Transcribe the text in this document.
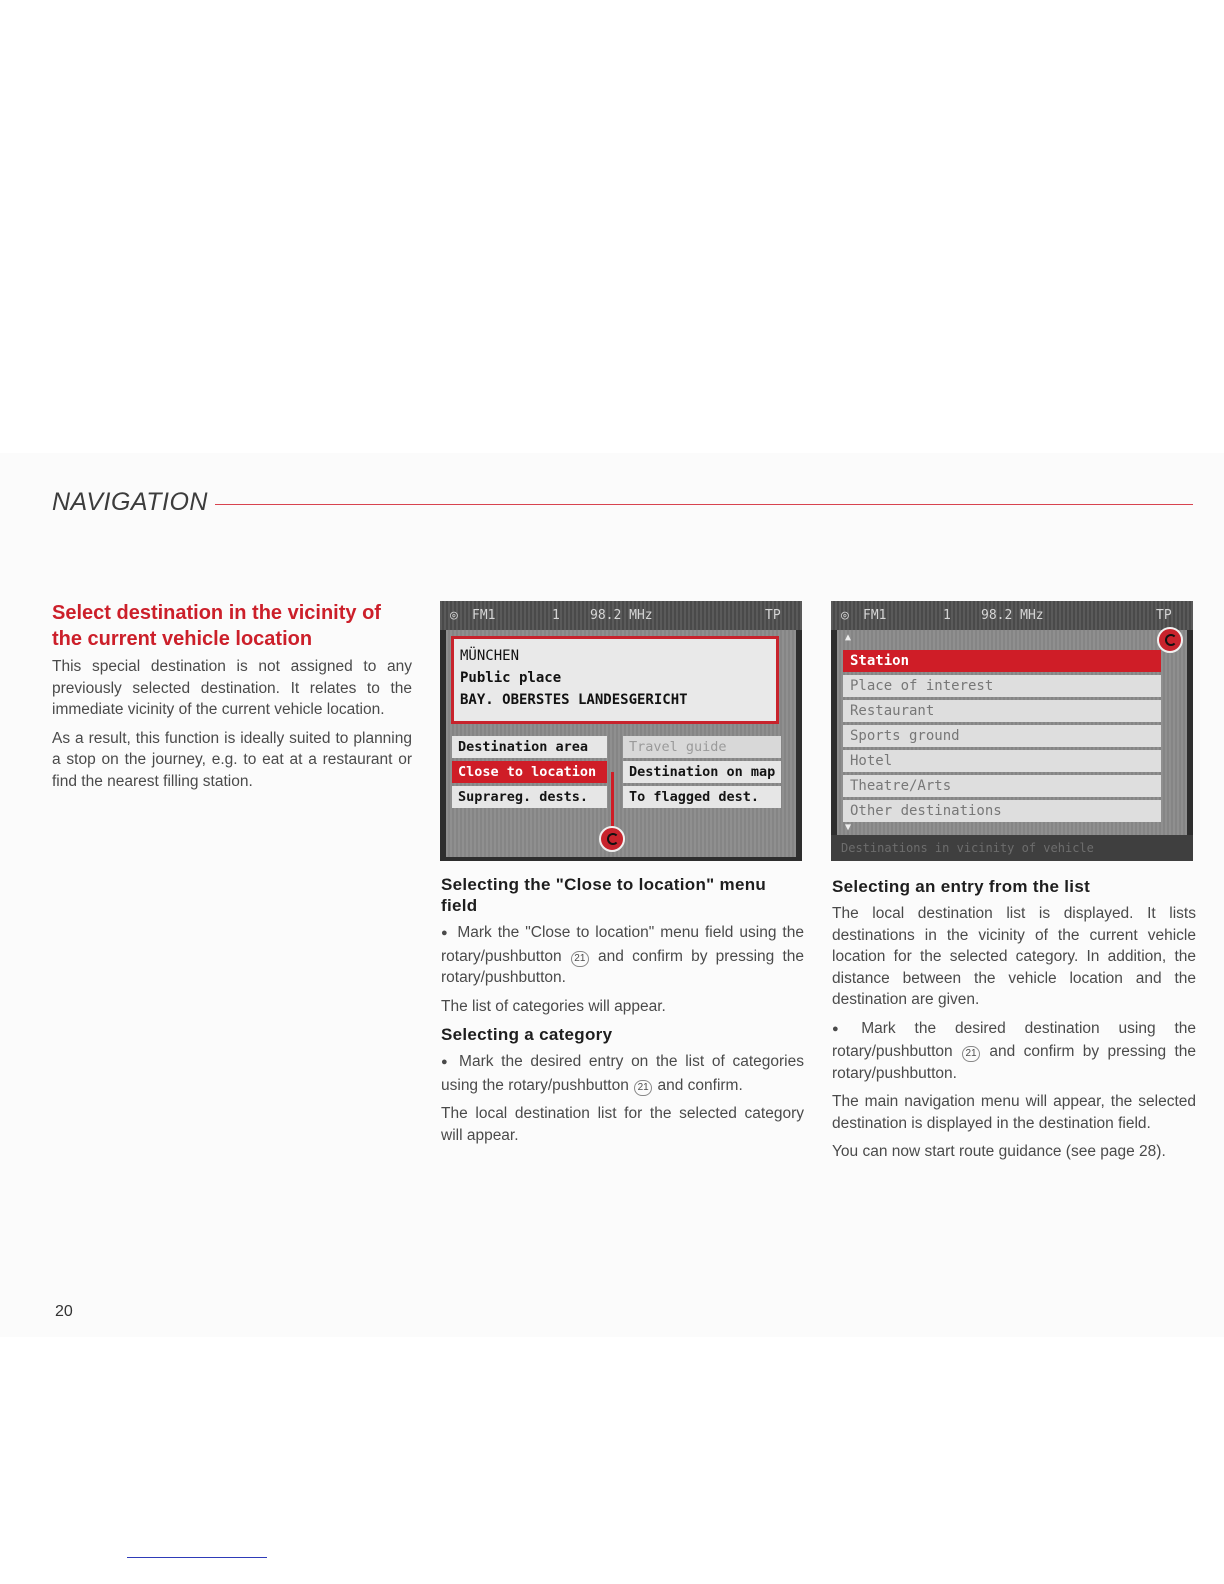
NAVIGATION
Select destination in the vicinity of the current vehicle location

This special destination is not assigned to any previously selected destination. It relates to the immediate vicinity of the current vehicle location.

As a result, this function is ideally suited to planning a stop on the journey, e.g. to eat at a restaurant or find the nearest filling station.

◎ FM1	1 98.2 MHz	TP
MÜNCHEN
Public place
BAY. OBERSTES LANDESGERICHT
Destination area	Travel guide
Close to location	Destination on map
Suprareg. dests.	To flagged dest.
◎ FM1	1 98.2 MHz	TP
▲
Station
Place of interest
Restaurant
Sports ground
Hotel
Theatre/Arts
Other destinations
▼
Destinations in vicinity of vehicle
Selecting the "Close to location" menu field

● Mark the "Close to location" menu field using the rotary/pushbutton 21 and confirm by pressing the rotary/pushbutton.

The list of categories will appear.

Selecting a category

● Mark the desired entry on the list of categories using the rotary/pushbutton 21 and confirm.

The local destination list for the selected category will appear.

Selecting an entry from the list

The local destination list is displayed. It lists destinations in the vicinity of the current vehicle location for the selected category. In addition, the distance between the vehicle location and the destination are given.

● Mark the desired destination using the rotary/pushbutton 21 and confirm by pressing the rotary/pushbutton.

The main navigation menu will appear, the selected destination is displayed in the destination field.

You can now start route guidance (see page 28).

20
